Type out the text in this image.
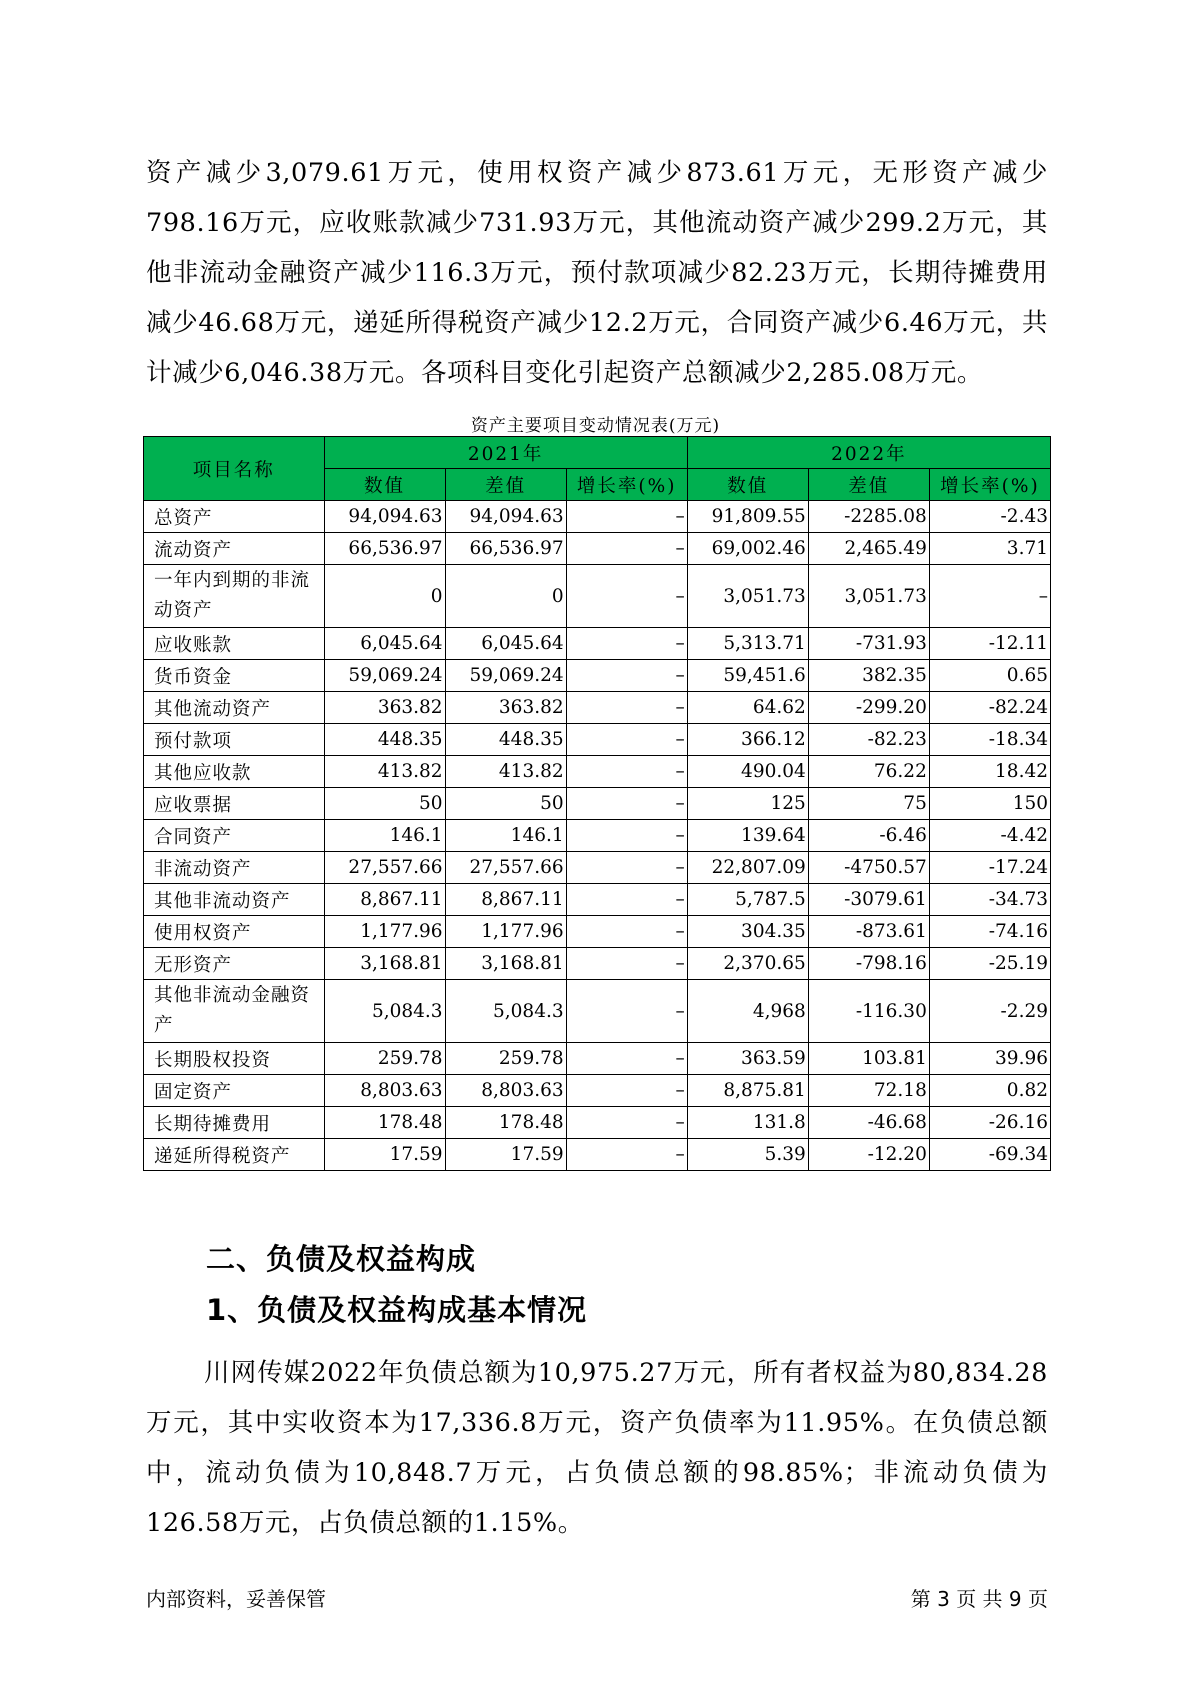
资产减少3,079.61万元，使用权资产减少873.61万元，无形资产减少798.16万元，应收账款减少731.93万元，其他流动资产减少299.2万元，其他非流动金融资产减少116.3万元，预付款项减少82.23万元，长期待摊费用减少46.68万元，递延所得税资产减少12.2万元，合同资产减少6.46万元，共计减少6,046.38万元。各项科目变化引起资产总额减少2,285.08万元。

资产主要项目变动情况表(万元)

项目名称	2021年			2022年		
	数值	差值	增长率(%)	数值	差值	增长率(%)
总资产	94,094.63	94,094.63	–	91,809.55	-2285.08	-2.43
流动资产	66,536.97	66,536.97	–	69,002.46	2,465.49	3.71
一年内到期的非流动资产	0	0	–	3,051.73	3,051.73	–
应收账款	6,045.64	6,045.64	–	5,313.71	-731.93	-12.11
货币资金	59,069.24	59,069.24	–	59,451.6	382.35	0.65
其他流动资产	363.82	363.82	–	64.62	-299.20	-82.24
预付款项	448.35	448.35	–	366.12	-82.23	-18.34
其他应收款	413.82	413.82	–	490.04	76.22	18.42
应收票据	50	50	–	125	75	150
合同资产	146.1	146.1	–	139.64	-6.46	-4.42
非流动资产	27,557.66	27,557.66	–	22,807.09	-4750.57	-17.24
其他非流动资产	8,867.11	8,867.11	–	5,787.5	-3079.61	-34.73
使用权资产	1,177.96	1,177.96	–	304.35	-873.61	-74.16
无形资产	3,168.81	3,168.81	–	2,370.65	-798.16	-25.19
其他非流动金融资产	5,084.3	5,084.3	–	4,968	-116.30	-2.29
长期股权投资	259.78	259.78	–	363.59	103.81	39.96
固定资产	8,803.63	8,803.63	–	8,875.81	72.18	0.82
长期待摊费用	178.48	178.48	–	131.8	-46.68	-26.16
递延所得税资产	17.59	17.59	–	5.39	-12.20	-69.34
二、负债及权益构成
1、负债及权益构成基本情况

川网传媒2022年负债总额为10,975.27万元，所有者权益为80,834.28万元，其中实收资本为17,336.8万元，资产负债率为11.95%。在负债总额中，流动负债为10,848.7万元，占负债总额的98.85%；非流动负债为126.58万元，占负债总额的1.15%。

内部资料，妥善保管	第 3 页 共 9 页
